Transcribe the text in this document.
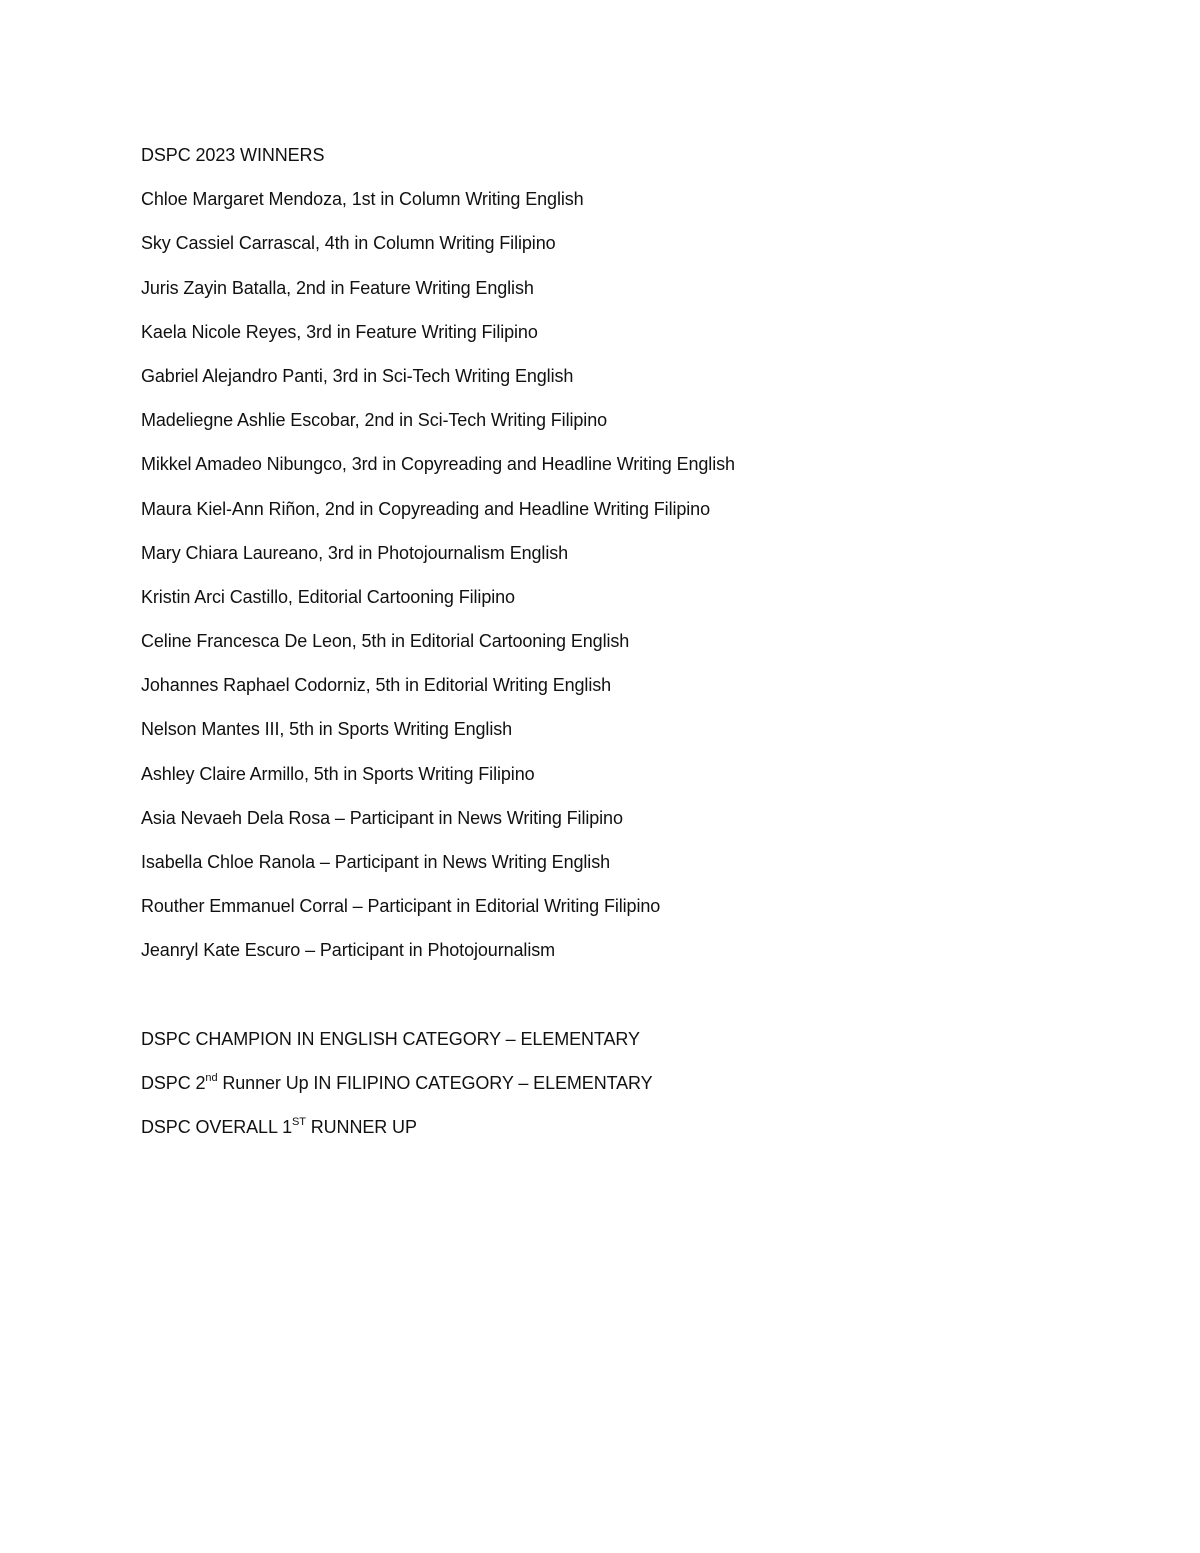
DSPC 2023 WINNERS
Chloe Margaret Mendoza, 1st in Column Writing English
Sky Cassiel Carrascal, 4th in Column Writing Filipino
Juris Zayin Batalla, 2nd in Feature Writing English
Kaela Nicole Reyes, 3rd in Feature Writing Filipino
Gabriel Alejandro Panti, 3rd in Sci-Tech Writing English
Madeliegne Ashlie Escobar, 2nd in Sci-Tech Writing Filipino
Mikkel Amadeo Nibungco, 3rd in Copyreading and Headline Writing English
Maura Kiel-Ann Riñon, 2nd in Copyreading and Headline Writing Filipino
Mary Chiara Laureano, 3rd in Photojournalism English
Kristin Arci Castillo, Editorial Cartooning Filipino
Celine Francesca De Leon, 5th in Editorial Cartooning English
Johannes Raphael Codorniz, 5th in Editorial Writing English
Nelson Mantes III, 5th in Sports Writing English
Ashley Claire Armillo, 5th in Sports Writing Filipino
Asia Nevaeh Dela Rosa – Participant in News Writing Filipino
Isabella Chloe Ranola – Participant in News Writing English
Routher Emmanuel Corral – Participant in Editorial Writing Filipino
Jeanryl Kate Escuro – Participant in Photojournalism
DSPC CHAMPION IN ENGLISH CATEGORY – ELEMENTARY
DSPC 2nd Runner Up IN FILIPINO CATEGORY – ELEMENTARY
DSPC OVERALL 1ST RUNNER UP
